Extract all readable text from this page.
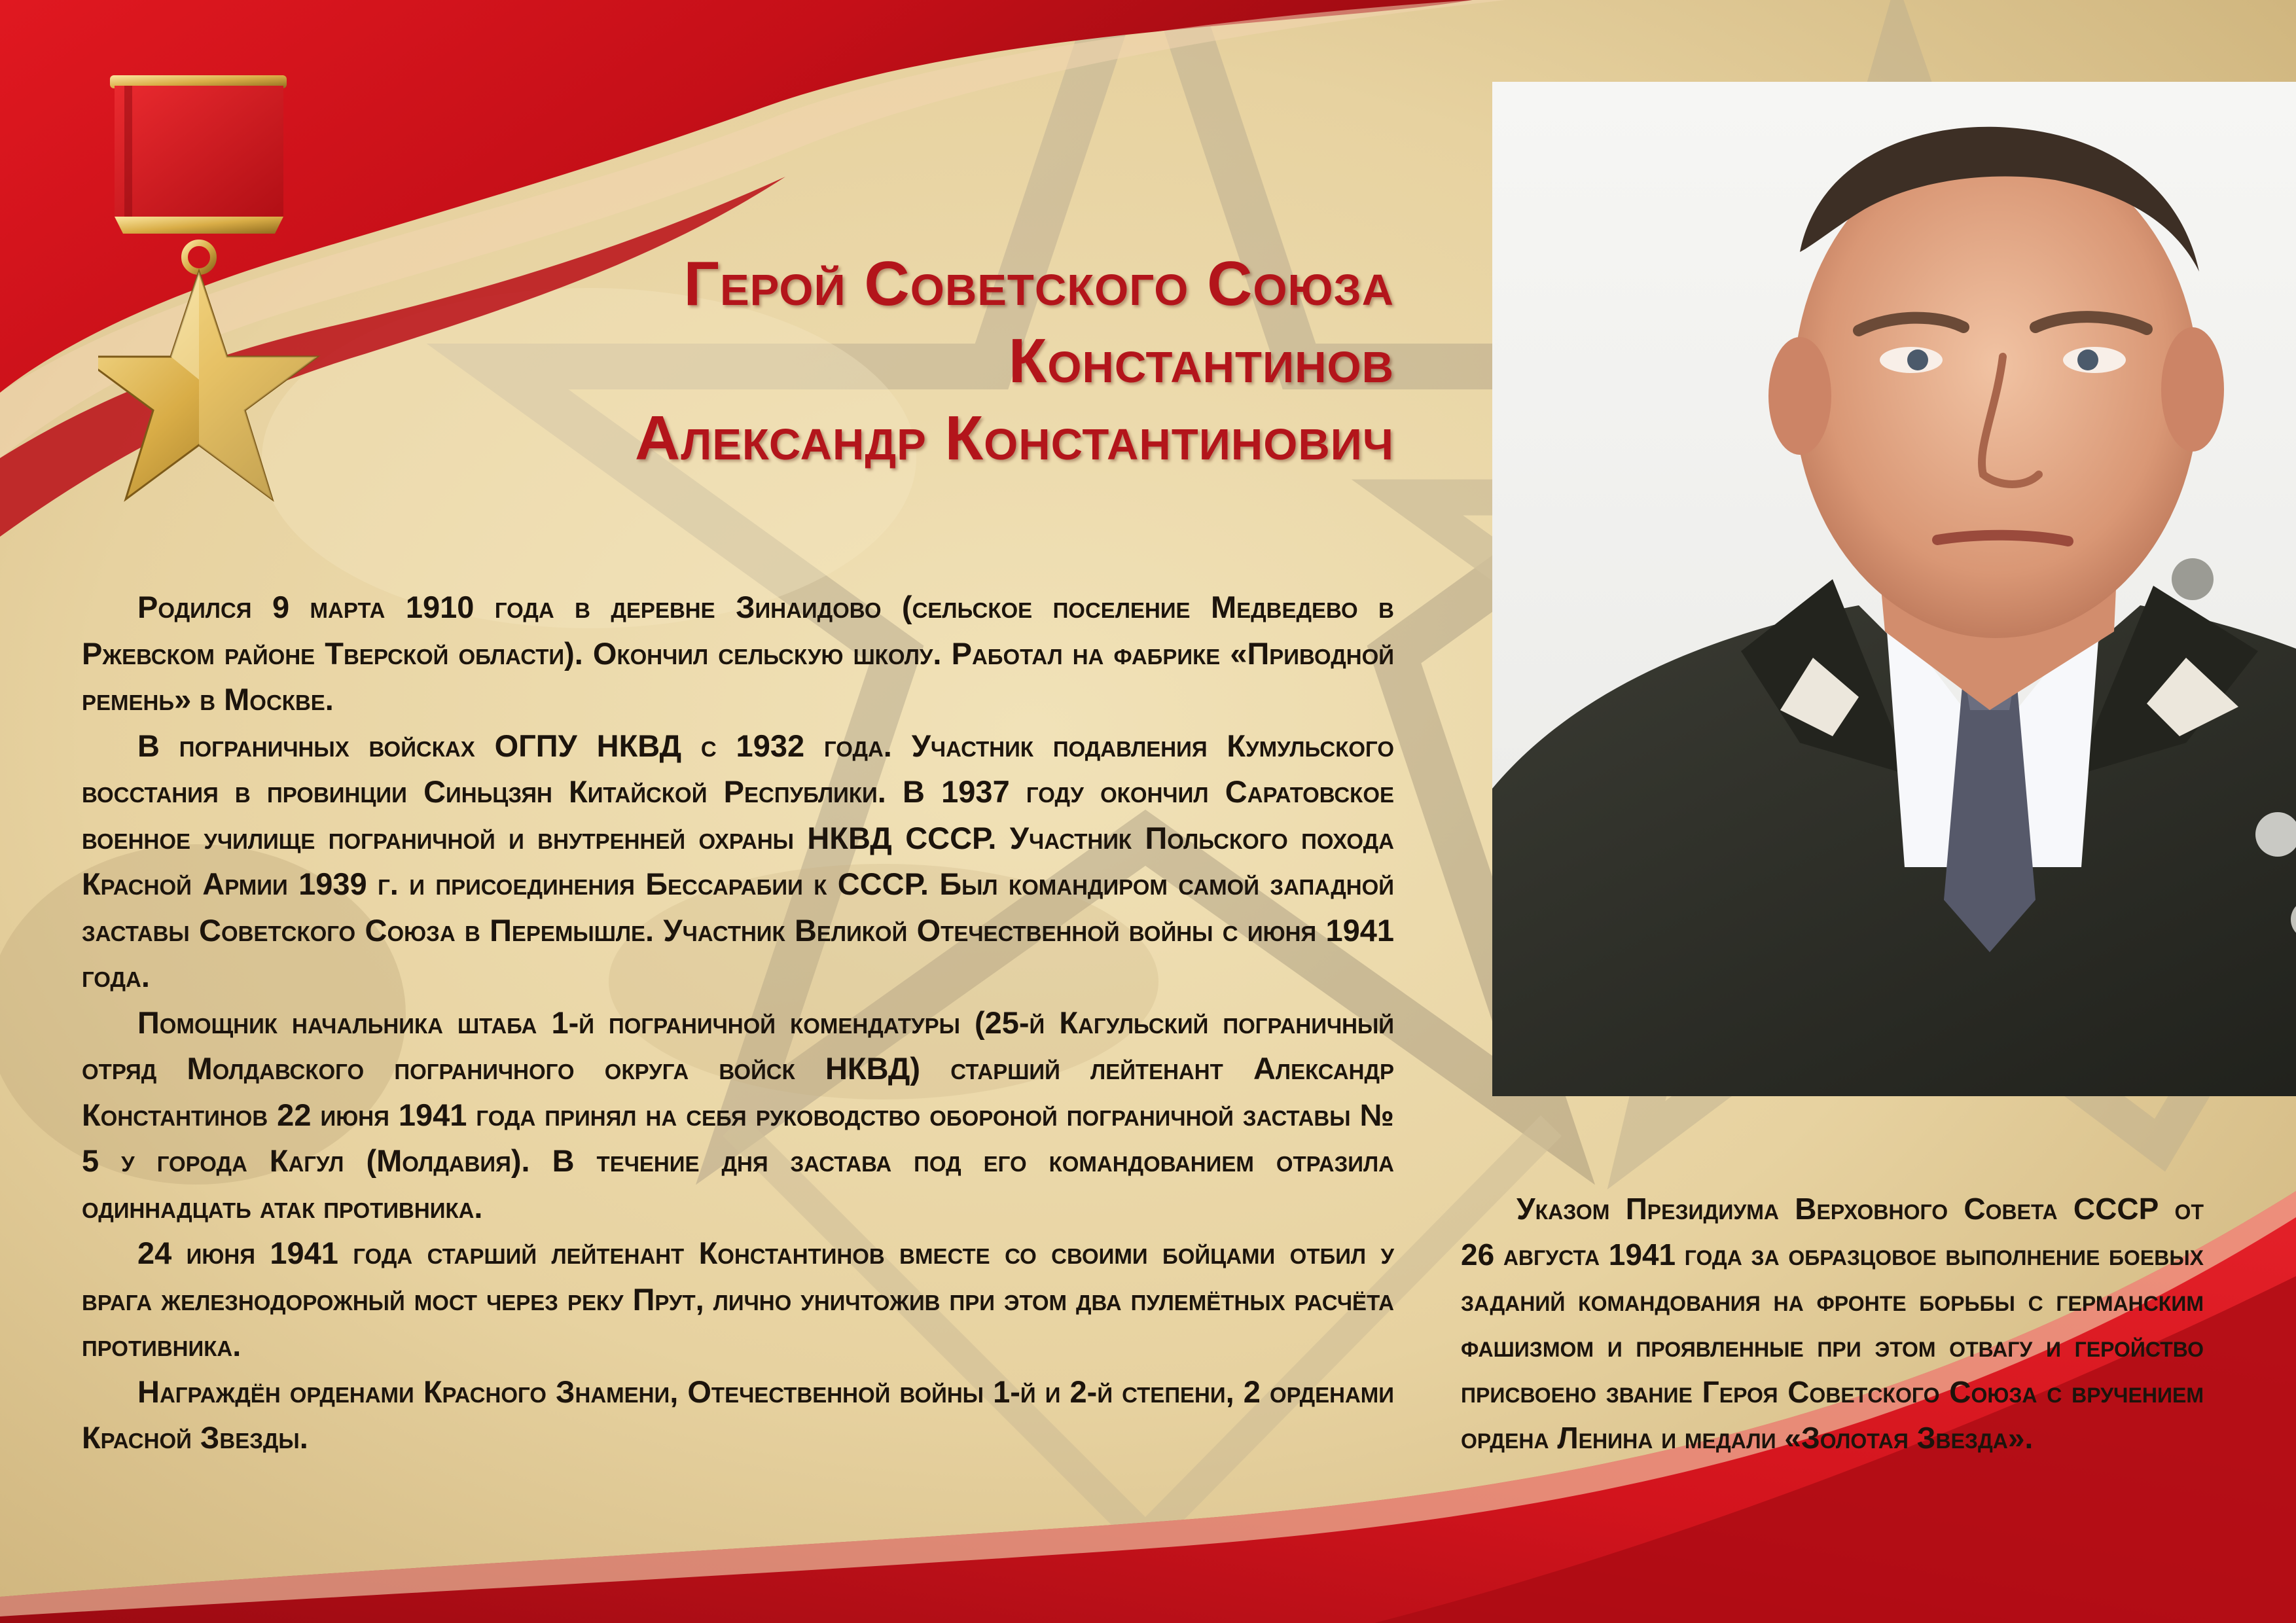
Герой Советского Союза
Константинов
Александр Константинович

Родился 9 марта 1910 года в деревне Зинаидово (сельское поселение Медведево в Ржевском районе Тверской области). Окончил сельскую школу. Работал на фабрике «Приводной ремень» в Москве.

В пограничных войсках ОГПУ НКВД с 1932 года. Участник подавления Кумульского восстания в провинции Синьцзян Китайской Республики. В 1937 году окончил Саратовское военное училище пограничной и внутренней охраны НКВД СССР. Участник Польского похода Красной Армии 1939 г. и присоединения Бессарабии к СССР. Был командиром самой западной заставы Советского Союза в Перемышле. Участник Великой Отечественной войны с июня 1941 года.

Помощник начальника штаба 1-й пограничной комендатуры (25-й Кагульский пограничный отряд Молдавского пограничного округа войск НКВД) старший лейтенант Александр Константинов 22 июня 1941 года принял на себя руководство обороной пограничной заставы № 5 у города Кагул (Молдавия). В течение дня застава под его командованием отразила одиннадцать атак противника.

24 июня 1941 года старший лейтенант Константинов вместе со своими бойцами отбил у врага железнодорожный мост через реку Прут, лично уничтожив при этом два пулемётных расчёта противника.

Награждён орденами Красного Знамени, Отечественной войны 1-й и 2-й степени, 2 орденами Красной Звезды.

Указом Президиума Верховного Совета СССР от 26 августа 1941 года за образцовое выполнение боевых заданий командования на фронте борьбы с германским фашизмом и проявленные при этом отвагу и геройство присвоено звание Героя Советского Союза с вручением ордена Ленина и медали «Золотая Звезда».
